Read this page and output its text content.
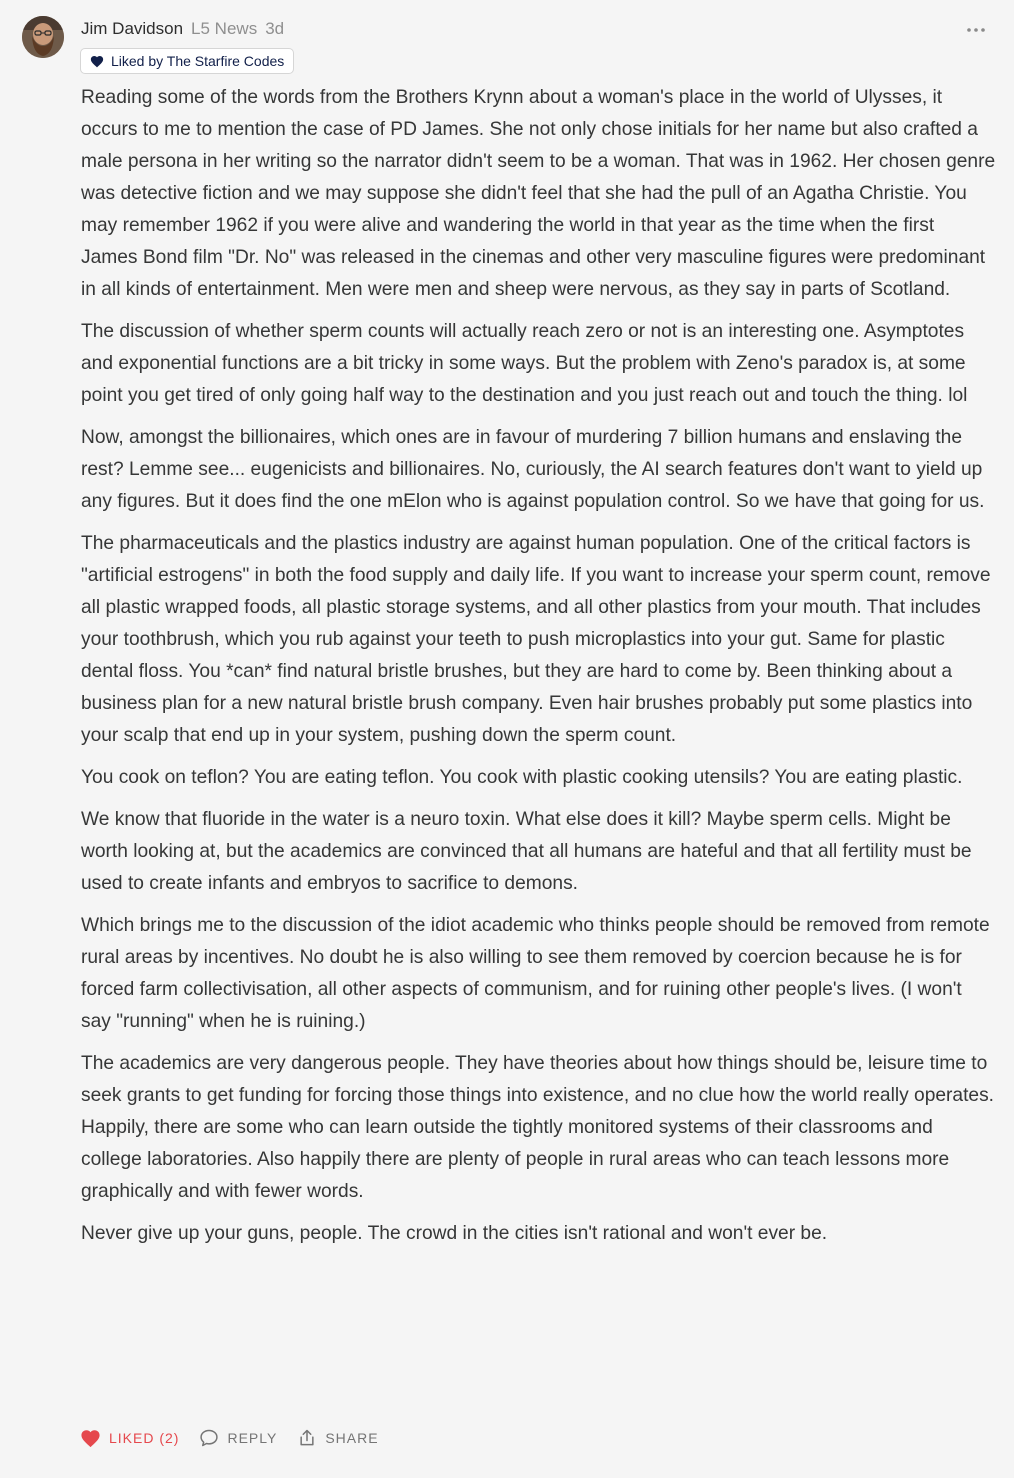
Jim Davidson L5 News 3d
Liked by The Starfire Codes

Reading some of the words from the Brothers Krynn about a woman's place in the world of Ulysses, it occurs to me to mention the case of PD James. She not only chose initials for her name but also crafted a male persona in her writing so the narrator didn't seem to be a woman. That was in 1962. Her chosen genre was detective fiction and we may suppose she didn't feel that she had the pull of an Agatha Christie. You may remember 1962 if you were alive and wandering the world in that year as the time when the first James Bond film "Dr. No" was released in the cinemas and other very masculine figures were predominant in all kinds of entertainment. Men were men and sheep were nervous, as they say in parts of Scotland.

The discussion of whether sperm counts will actually reach zero or not is an interesting one. Asymptotes and exponential functions are a bit tricky in some ways. But the problem with Zeno's paradox is, at some point you get tired of only going half way to the destination and you just reach out and touch the thing. lol

Now, amongst the billionaires, which ones are in favour of murdering 7 billion humans and enslaving the rest? Lemme see... eugenicists and billionaires. No, curiously, the AI search features don't want to yield up any figures. But it does find the one mElon who is against population control. So we have that going for us.

The pharmaceuticals and the plastics industry are against human population. One of the critical factors is "artificial estrogens" in both the food supply and daily life. If you want to increase your sperm count, remove all plastic wrapped foods, all plastic storage systems, and all other plastics from your mouth. That includes your toothbrush, which you rub against your teeth to push microplastics into your gut. Same for plastic dental floss. You *can* find natural bristle brushes, but they are hard to come by. Been thinking about a business plan for a new natural bristle brush company. Even hair brushes probably put some plastics into your scalp that end up in your system, pushing down the sperm count.

You cook on teflon? You are eating teflon. You cook with plastic cooking utensils? You are eating plastic.

We know that fluoride in the water is a neuro toxin. What else does it kill? Maybe sperm cells. Might be worth looking at, but the academics are convinced that all humans are hateful and that all fertility must be used to create infants and embryos to sacrifice to demons.

Which brings me to the discussion of the idiot academic who thinks people should be removed from remote rural areas by incentives. No doubt he is also willing to see them removed by coercion because he is for forced farm collectivisation, all other aspects of communism, and for ruining other people's lives. (I won't say "running" when he is ruining.)

The academics are very dangerous people. They have theories about how things should be, leisure time to seek grants to get funding for forcing those things into existence, and no clue how the world really operates. Happily, there are some who can learn outside the tightly monitored systems of their classrooms and college laboratories. Also happily there are plenty of people in rural areas who can teach lessons more graphically and with fewer words.

Never give up your guns, people. The crowd in the cities isn't rational and won't ever be.

LIKED (2)	REPLY	SHARE
